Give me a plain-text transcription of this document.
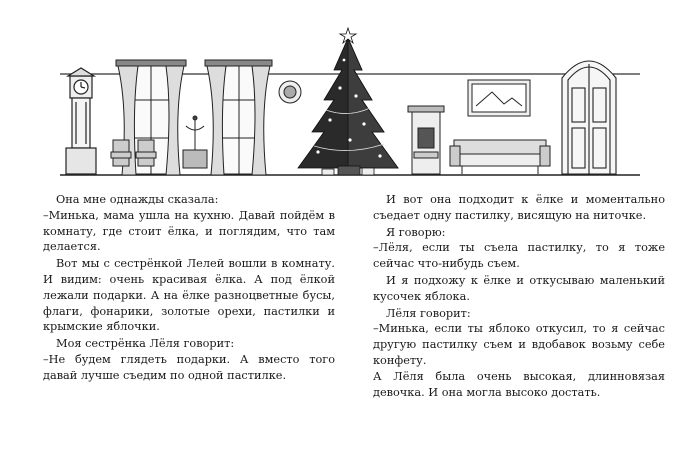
Она мне однажды сказала:

–Минька, мама ушла на кухню. Давай пойдём в комнату, где стоит ёлка, и поглядим, что там делается.

Вот мы с сестрёнкой Лелей вошли в комнату. И видим: очень красивая ёлка. А под ёлкой лежали подарки. А на ёлке разноцветные бусы, флаги, фонарики, золотые орехи, пастилки и крымские яблочки.

Моя сестрёнка Лёля говорит:

–Не будем глядеть подарки. А вместо того давай лучше съедим по одной пастилке.

И вот она подходит к ёлке и моментально съедает одну пастилку, висящую на ниточке.

Я говорю:

–Лёля, если ты съела пастилку, то я тоже сейчас что-нибудь съем.

И я подхожу к ёлке и откусываю маленький кусочек яблока.

Лёля говорит:

–Минька, если ты яблоко откусил, то я сейчас другую пастилку съем и вдобавок возьму себе конфету.

А Лёля была очень высокая, длинновязая девочка. И она могла высоко достать.
